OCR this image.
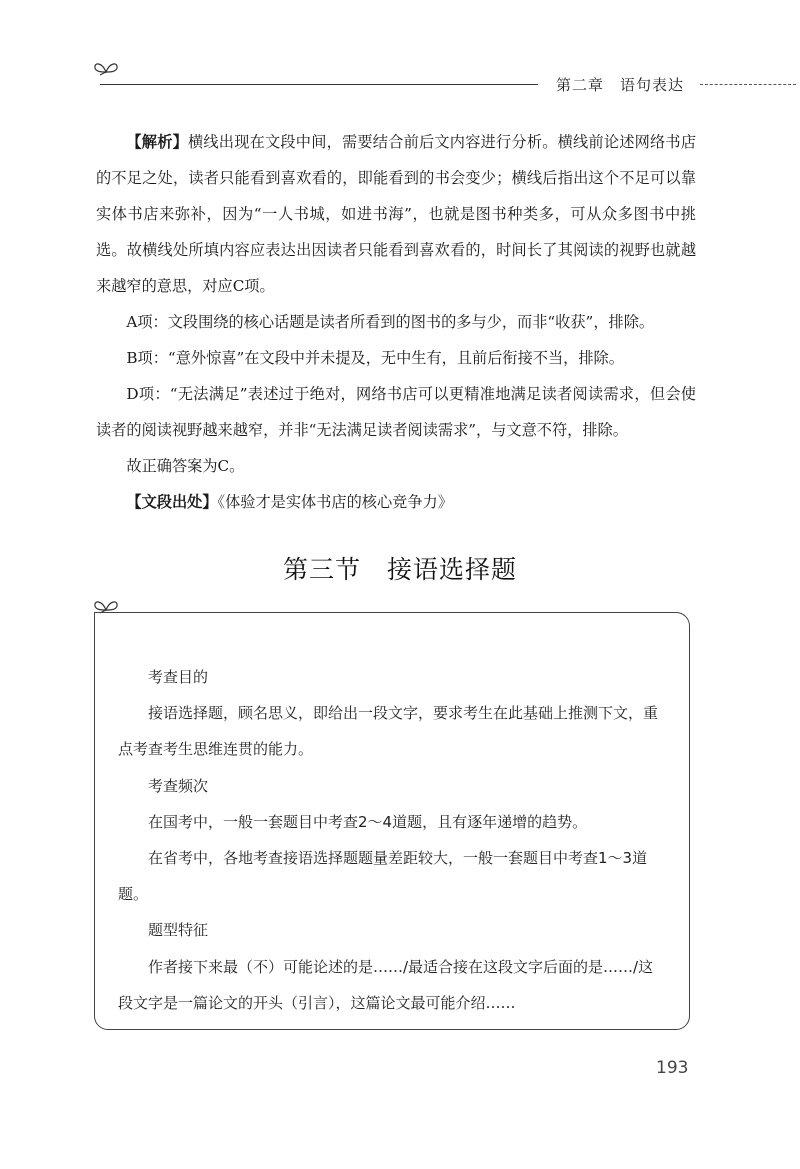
第二章　语句表达

【解析】横线出现在文段中间，需要结合前后文内容进行分析。横线前论述网络书店的不足之处，读者只能看到喜欢看的，即能看到的书会变少；横线后指出这个不足可以靠实体书店来弥补，因为“一人书城，如进书海”，也就是图书种类多，可从众多图书中挑选。故横线处所填内容应表达出因读者只能看到喜欢看的，时间长了其阅读的视野也就越来越窄的意思，对应C项。

A项：文段围绕的核心话题是读者所看到的图书的多与少，而非“收获”，排除。

B项：“意外惊喜”在文段中并未提及，无中生有，且前后衔接不当，排除。

D项：“无法满足”表述过于绝对，网络书店可以更精准地满足读者阅读需求，但会使读者的阅读视野越来越窄，并非“无法满足读者阅读需求”，与文意不符，排除。

故正确答案为C。

【文段出处】《体验才是实体书店的核心竞争力》

第三节　接语选择题

考查目的

接语选择题，顾名思义，即给出一段文字，要求考生在此基础上推测下文，重点考查考生思维连贯的能力。

考查频次

在国考中，一般一套题目中考查2～4道题，且有逐年递增的趋势。

在省考中，各地考查接语选择题题量差距较大，一般一套题目中考查1～3道题。

题型特征

作者接下来最（不）可能论述的是……/最适合接在这段文字后面的是……/这段文字是一篇论文的开头（引言），这篇论文最可能介绍……

193
